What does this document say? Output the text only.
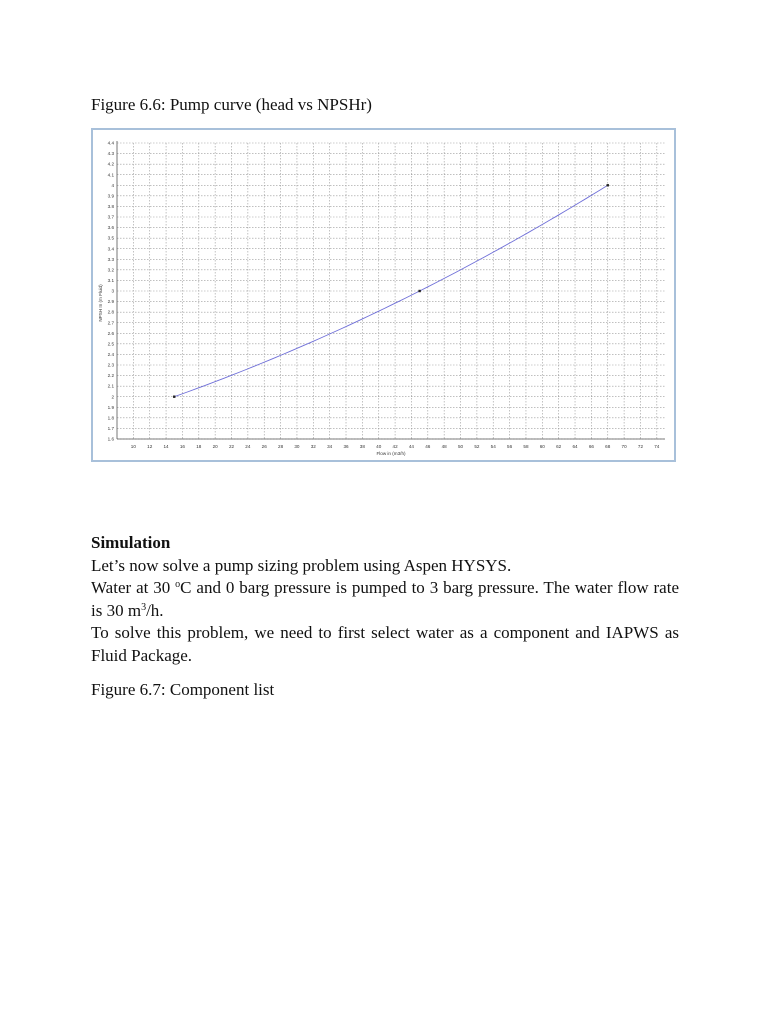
Figure 6.6: Pump curve (head vs NPSHr)
10 12 14 16 18 20 22 24 26 28 30 32 34 36 38 40 42 44 46 48 50 52 54 56 58 60 62 64 66 68 70 72 74
1.6
1.7
1.8
1.9
2
2.1
2.2
2.3
2.4
2.5
2.6
2.7
2.8
2.9
3
3.1
3.2
3.3
3.4
3.5
3.6
3.7
3.8
3.9
4
4.1
4.2
4.3
4.4
Flow in (m3/h)
NPSH In (m Fluid)

Simulation

Let’s now solve a pump sizing problem using Aspen HYSYS.

Water at 30 $^o$C and 0 barg pressure is pumped to 3 barg pressure. The water flow rate is 30 $m^3/h$.

To solve this problem, we need to first select water as a component and IAPWS as Fluid Package.

Figure 6.7: Component list
